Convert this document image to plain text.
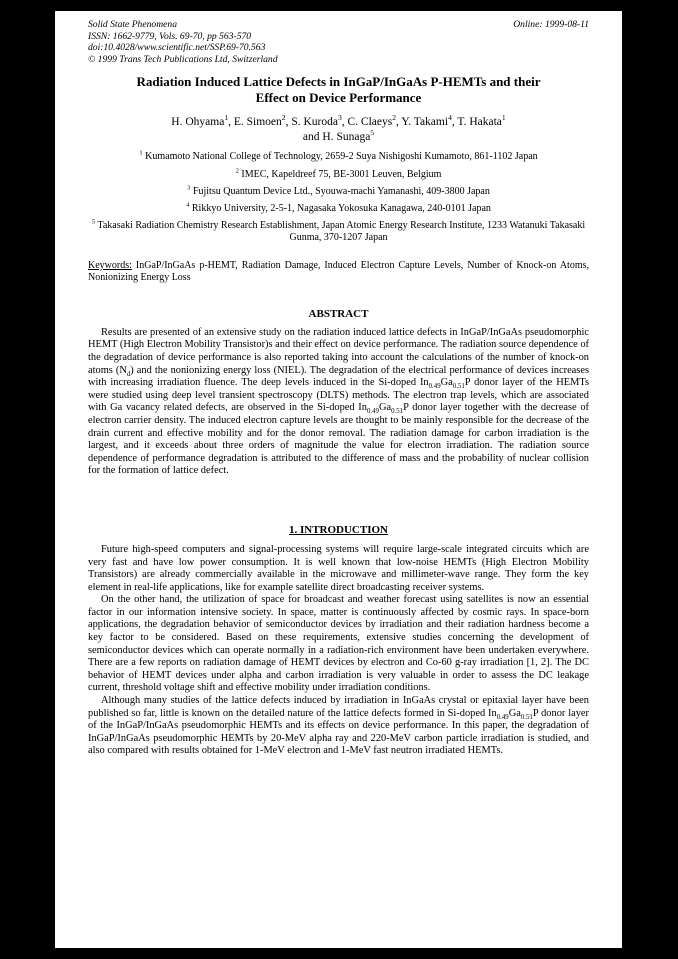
Solid State Phenomena	Online: 1999-08-11
ISSN: 1662-9779, Vols. 69-70, pp 563-570
doi:10.4028/www.scientific.net/SSP.69-70.563
© 1999 Trans Tech Publications Ltd, Switzerland
Radiation Induced Lattice Defects in InGaP/InGaAs P-HEMTs and their
Effect on Device Performance
H. Ohyama$^1$, E. Simoen$^2$, S. Kuroda$^3$, C. Claeys$^2$, Y. Takami$^4$, T. Hakata$^1$
and H. Sunaga$^5$
$^1$ Kumamoto National College of Technology, 2659-2 Suya Nishigoshi Kumamoto, 861-1102 Japan
$^2$ IMEC, Kapeldreef 75, BE-3001 Leuven, Belgium
$^3$ Fujitsu Quantum Device Ltd., Syouwa-machi Yamanashi, 409-3800 Japan
$^4$ Rikkyo University, 2-5-1, Nagasaka Yokosuka Kanagawa, 240-0101 Japan
$^5$ Takasaki Radiation Chemistry Research Establishment, Japan Atomic Energy Research Institute, 1233 Watanuki Takasaki Gunma, 370-1207 Japan

Keywords: InGaP/InGaAs p-HEMT, Radiation Damage, Induced Electron Capture Levels, Number of Knock-on Atoms, Nonionizing Energy Loss

ABSTRACT

Results are presented of an extensive study on the radiation induced lattice defects in InGaP/InGaAs pseudomorphic HEMT (High Electron Mobility Transistor)s and their effect on device performance. The radiation source dependence of the degradation of device performance is also reported taking into account the calculations of the number of knock-on atoms $(N_d)$ and the nonionizing energy loss (NIEL). The degradation of the electrical performance of devices increases with increasing irradiation fluence. The deep levels induced in the Si-doped $In_{0.49}Ga_{0.51}P$ donor layer of the HEMTs were studied using deep level transient spectroscopy (DLTS) methods. The electron trap levels, which are associated with Ga vacancy related defects, are observed in the Si-doped $In_{0.49}Ga_{0.51}P$ donor layer together with the decrease of electron carrier density. The induced electron capture levels are thought to be mainly responsible for the decrease of the drain current and effective mobility and for the donor removal. The radiation damage for carbon irradiation is the largest, and it exceeds about three orders of magnitude the value for electron irradiation. The radiation source dependence of performance degradation is attributed to the difference of mass and the probability of nuclear collision for the formation of lattice defect.

1. INTRODUCTION

Future high-speed computers and signal-processing systems will require large-scale integrated circuits which are very fast and have low power consumption. It is well known that low-noise HEMTs (High Electron Mobility Transistors) are already commercially available in the microwave and millimeter-wave range. They form the key element in real-life applications, like for example satellite direct broadcasting receiver systems.

On the other hand, the utilization of space for broadcast and weather forecast using satellites is now an essential factor in our information intensive society. In space, matter is continuously affected by cosmic rays. In space-born applications, the degradation behavior of semiconductor devices by irradiation and their radiation hardness become a key factor to be considered. Based on these requirements, extensive studies concerning the development of semiconductor devices which can operate normally in a radiation-rich environment have been undertaken everywhere. There are a few reports on radiation damage of HEMT devices by electron and Co-60 g-ray irradiation [1, 2]. The DC behavior of HEMT devices under alpha and carbon irradiation is very valuable in order to assess the DC leakage current, threshold voltage shift and effective mobility under irradiation conditions.

Although many studies of the lattice defects induced by irradiation in InGaAs crystal or epitaxial layer have been published so far, little is known on the detailed nature of the lattice defects formed in Si-doped $In_{0.49}Ga_{0.51}P$ donor layer of the InGaP/InGaAs pseudomorphic HEMTs and its effects on device performance. In this paper, the degradation of InGaP/InGaAs pseudomorphic HEMTs by 20-MeV alpha ray and 220-MeV carbon particle irradiation is studied, and also compared with results obtained for 1-MeV electron and 1-MeV fast neutron irradiated HEMTs.
